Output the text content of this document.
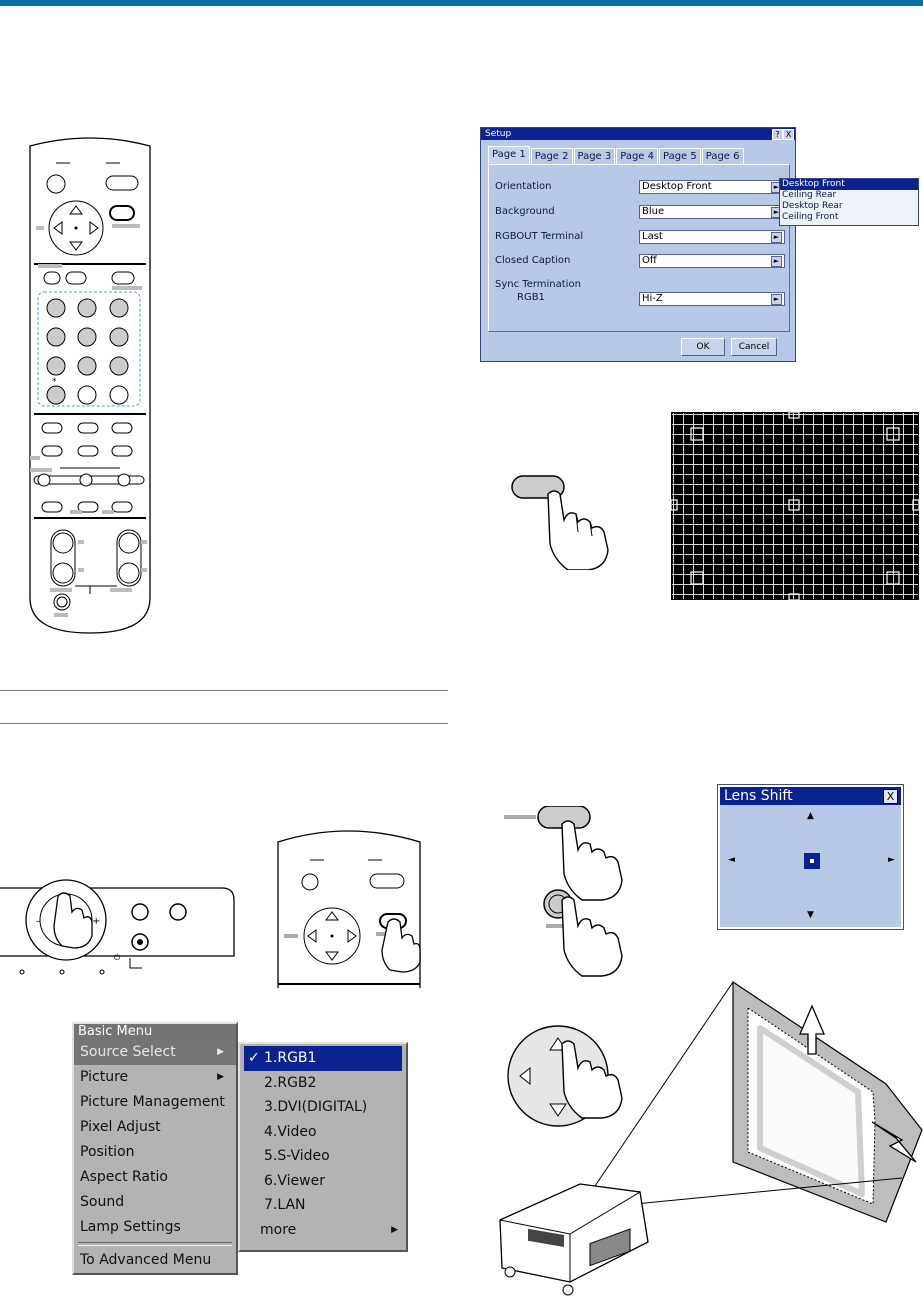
*
Setup	? X
Page 1 Page 2 Page 3 Page 4 Page 5 Page 6
Orientation	Desktop Front	►
Background	Blue	►
RGBOUT Terminal	Last	►
Closed Caption	Off	►
Sync Termination
RGB1	Hi-Z	►
OK	Cancel
Desktop Front
Ceiling Rear
Desktop Rear
Ceiling Front
Lens Shift	X
▲
▼
◄	►
–	+
⏻
Basic Menu
Source Select	▶
Picture	▶
Picture Management
Pixel Adjust
Position
Aspect Ratio
Sound
Lamp Settings
To Advanced Menu
✓ 1.RGB1
2.RGB2
3.DVI(DIGITAL)
4.Video
5.S-Video
6.Viewer
7.LAN
more	▶
